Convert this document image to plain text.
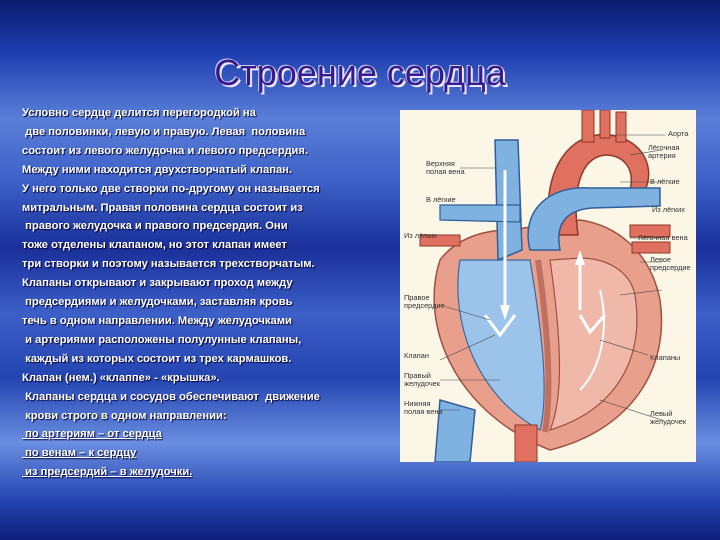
Строение сердца
Условно сердце делится перегородкой на
две половинки, левую и правую. Левая  половина
состоит из левого желудочка и левого предсердия.
Между ними находится двухстворчатый клапан.
У него только две створки по-другому он называется
митральным. Правая половина сердца состоит из
правого желудочка и правого предсердия. Они
тоже отделены клапаном, но этот клапан имеет
три створки и поэтому называется трехстворчатым.
Клапаны открывают и закрывают проход между
предсердиями и желудочками, заставляя кровь
течь в одном направлении. Между желудочками
и артериями расположены полулунные клапаны,
каждый из которых состоит из трех кармашков.
Клапан (нем.) «клаппе» - «крышка».
Клапаны сердца и сосудов обеспечивают  движение
крови строго в одном направлении:
по артериям – от сердца
по венам – к сердцу
из предсердий – в желудочки.
Аорта
Лёгочная
артерия
Верхняя
полая вена
В лёгкие
В лёгкие
Из лёгких
Из лёгких	Лёгочная вена
Левое
предсердие
Правое
предсердие
Клапан	Клапаны
Правый
желудочек
Нижняя
полая вена	Левый
желудочек
